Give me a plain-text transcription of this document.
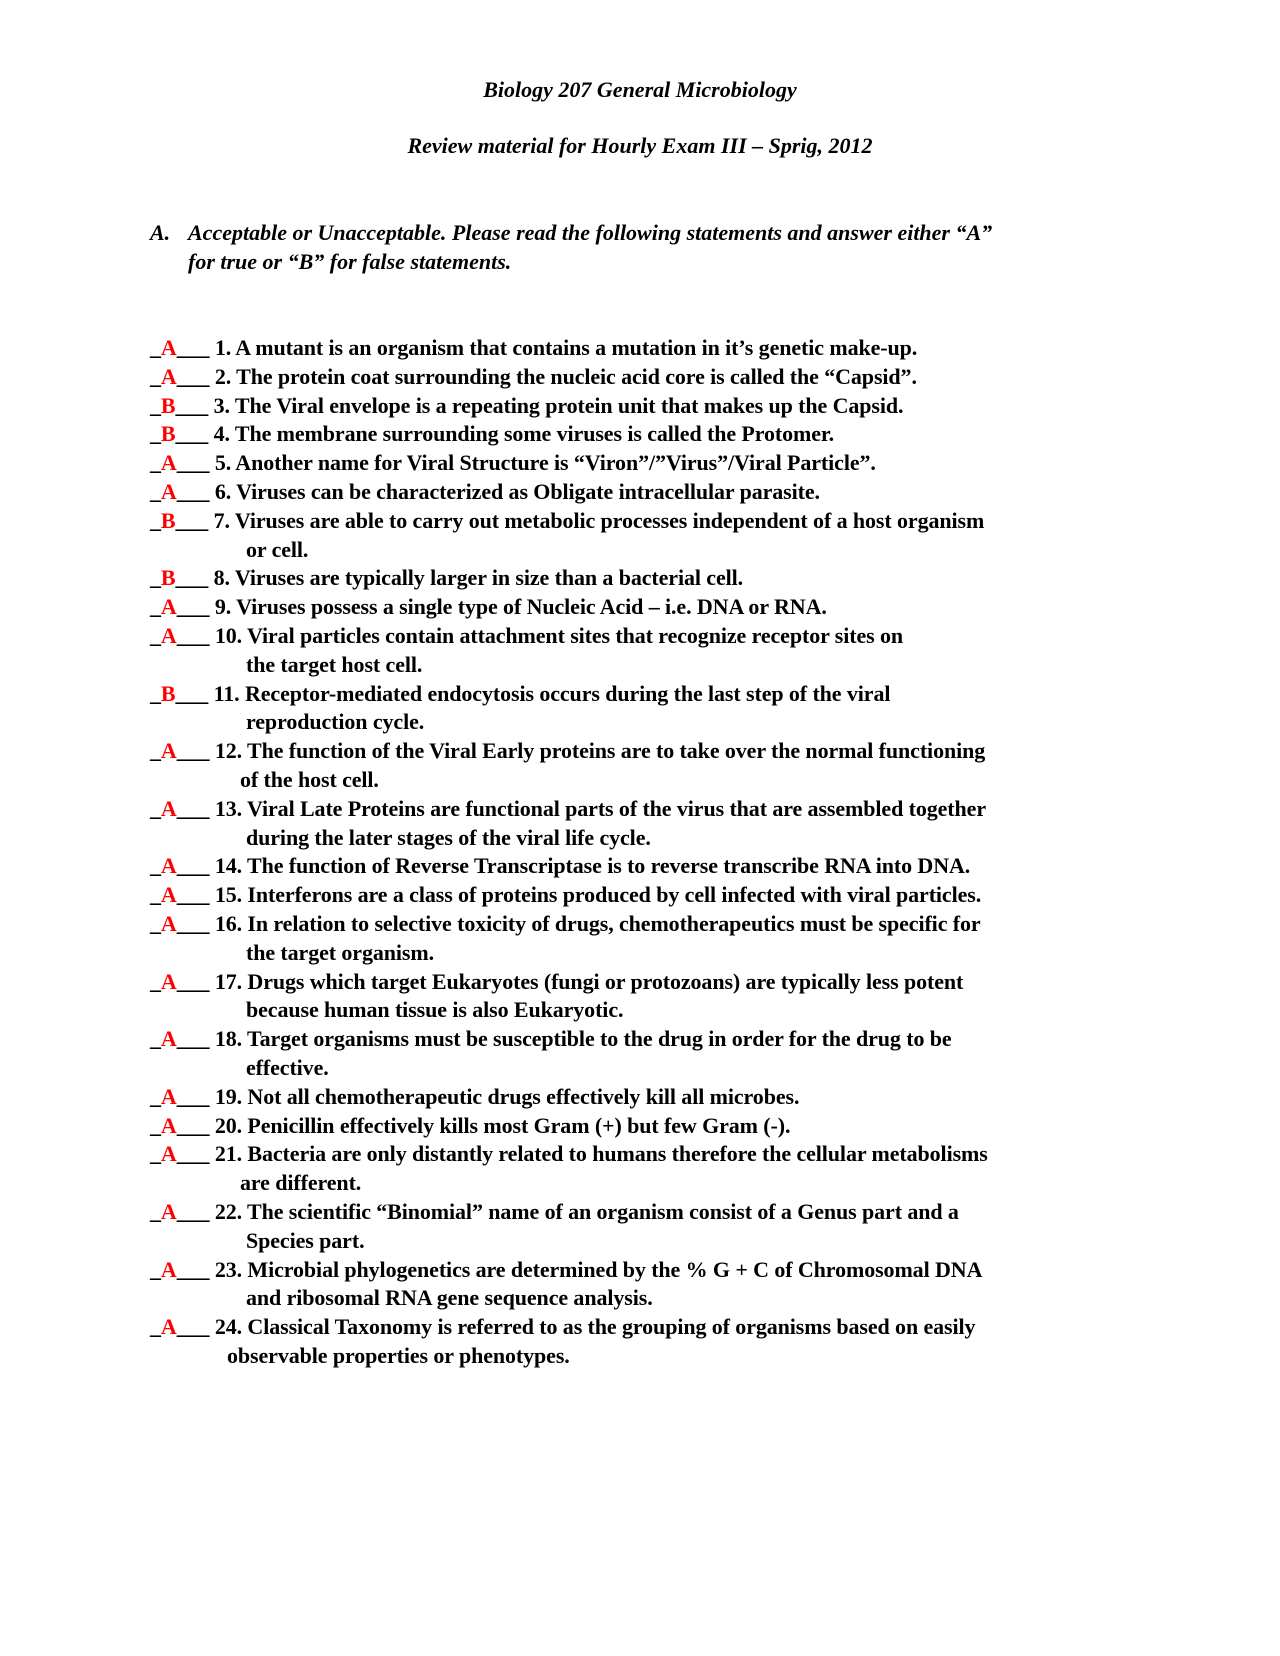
Biology 207 General Microbiology
Review material for Hourly Exam III – Sprig, 2012
A. Acceptable or Unacceptable. Please read the following statements and answer either “A”
for true or “B” for false statements.
_A___ 1. A mutant is an organism that contains a mutation in it’s genetic make-up.
_A___ 2. The protein coat surrounding the nucleic acid core is called the “Capsid”.
_B___ 3. The Viral envelope is a repeating protein unit that makes up the Capsid.
_B___ 4. The membrane surrounding some viruses is called the Protomer.
_A___ 5. Another name for Viral Structure is “Viron”/”Virus”/Viral Particle”.
_A___ 6. Viruses can be characterized as Obligate intracellular parasite.
_B___ 7. Viruses are able to carry out metabolic processes independent of a host organism
or cell.
_B___ 8. Viruses are typically larger in size than a bacterial cell.
_A___ 9. Viruses possess a single type of Nucleic Acid – i.e. DNA or RNA.
_A___ 10. Viral particles contain attachment sites that recognize receptor sites on
the target host cell.
_B___ 11. Receptor-mediated endocytosis occurs during the last step of the viral
reproduction cycle.
_A___ 12. The function of the Viral Early proteins are to take over the normal functioning
of the host cell.
_A___ 13. Viral Late Proteins are functional parts of the virus that are assembled together
during the later stages of the viral life cycle.
_A___ 14. The function of Reverse Transcriptase is to reverse transcribe RNA into DNA.
_A___ 15. Interferons are a class of proteins produced by cell infected with viral particles.
_A___ 16. In relation to selective toxicity of drugs, chemotherapeutics must be specific for
the target organism.
_A___ 17. Drugs which target Eukaryotes (fungi or protozoans) are typically less potent
because human tissue is also Eukaryotic.
_A___ 18. Target organisms must be susceptible to the drug in order for the drug to be
effective.
_A___ 19. Not all chemotherapeutic drugs effectively kill all microbes.
_A___ 20. Penicillin effectively kills most Gram (+) but few Gram (-).
_A___ 21. Bacteria are only distantly related to humans therefore the cellular metabolisms
are different.
_A___ 22. The scientific “Binomial” name of an organism consist of a Genus part and a
Species part.
_A___ 23. Microbial phylogenetics are determined by the % G + C of Chromosomal DNA
and ribosomal RNA gene sequence analysis.
_A___ 24. Classical Taxonomy is referred to as the grouping of organisms based on easily
observable properties or phenotypes.
